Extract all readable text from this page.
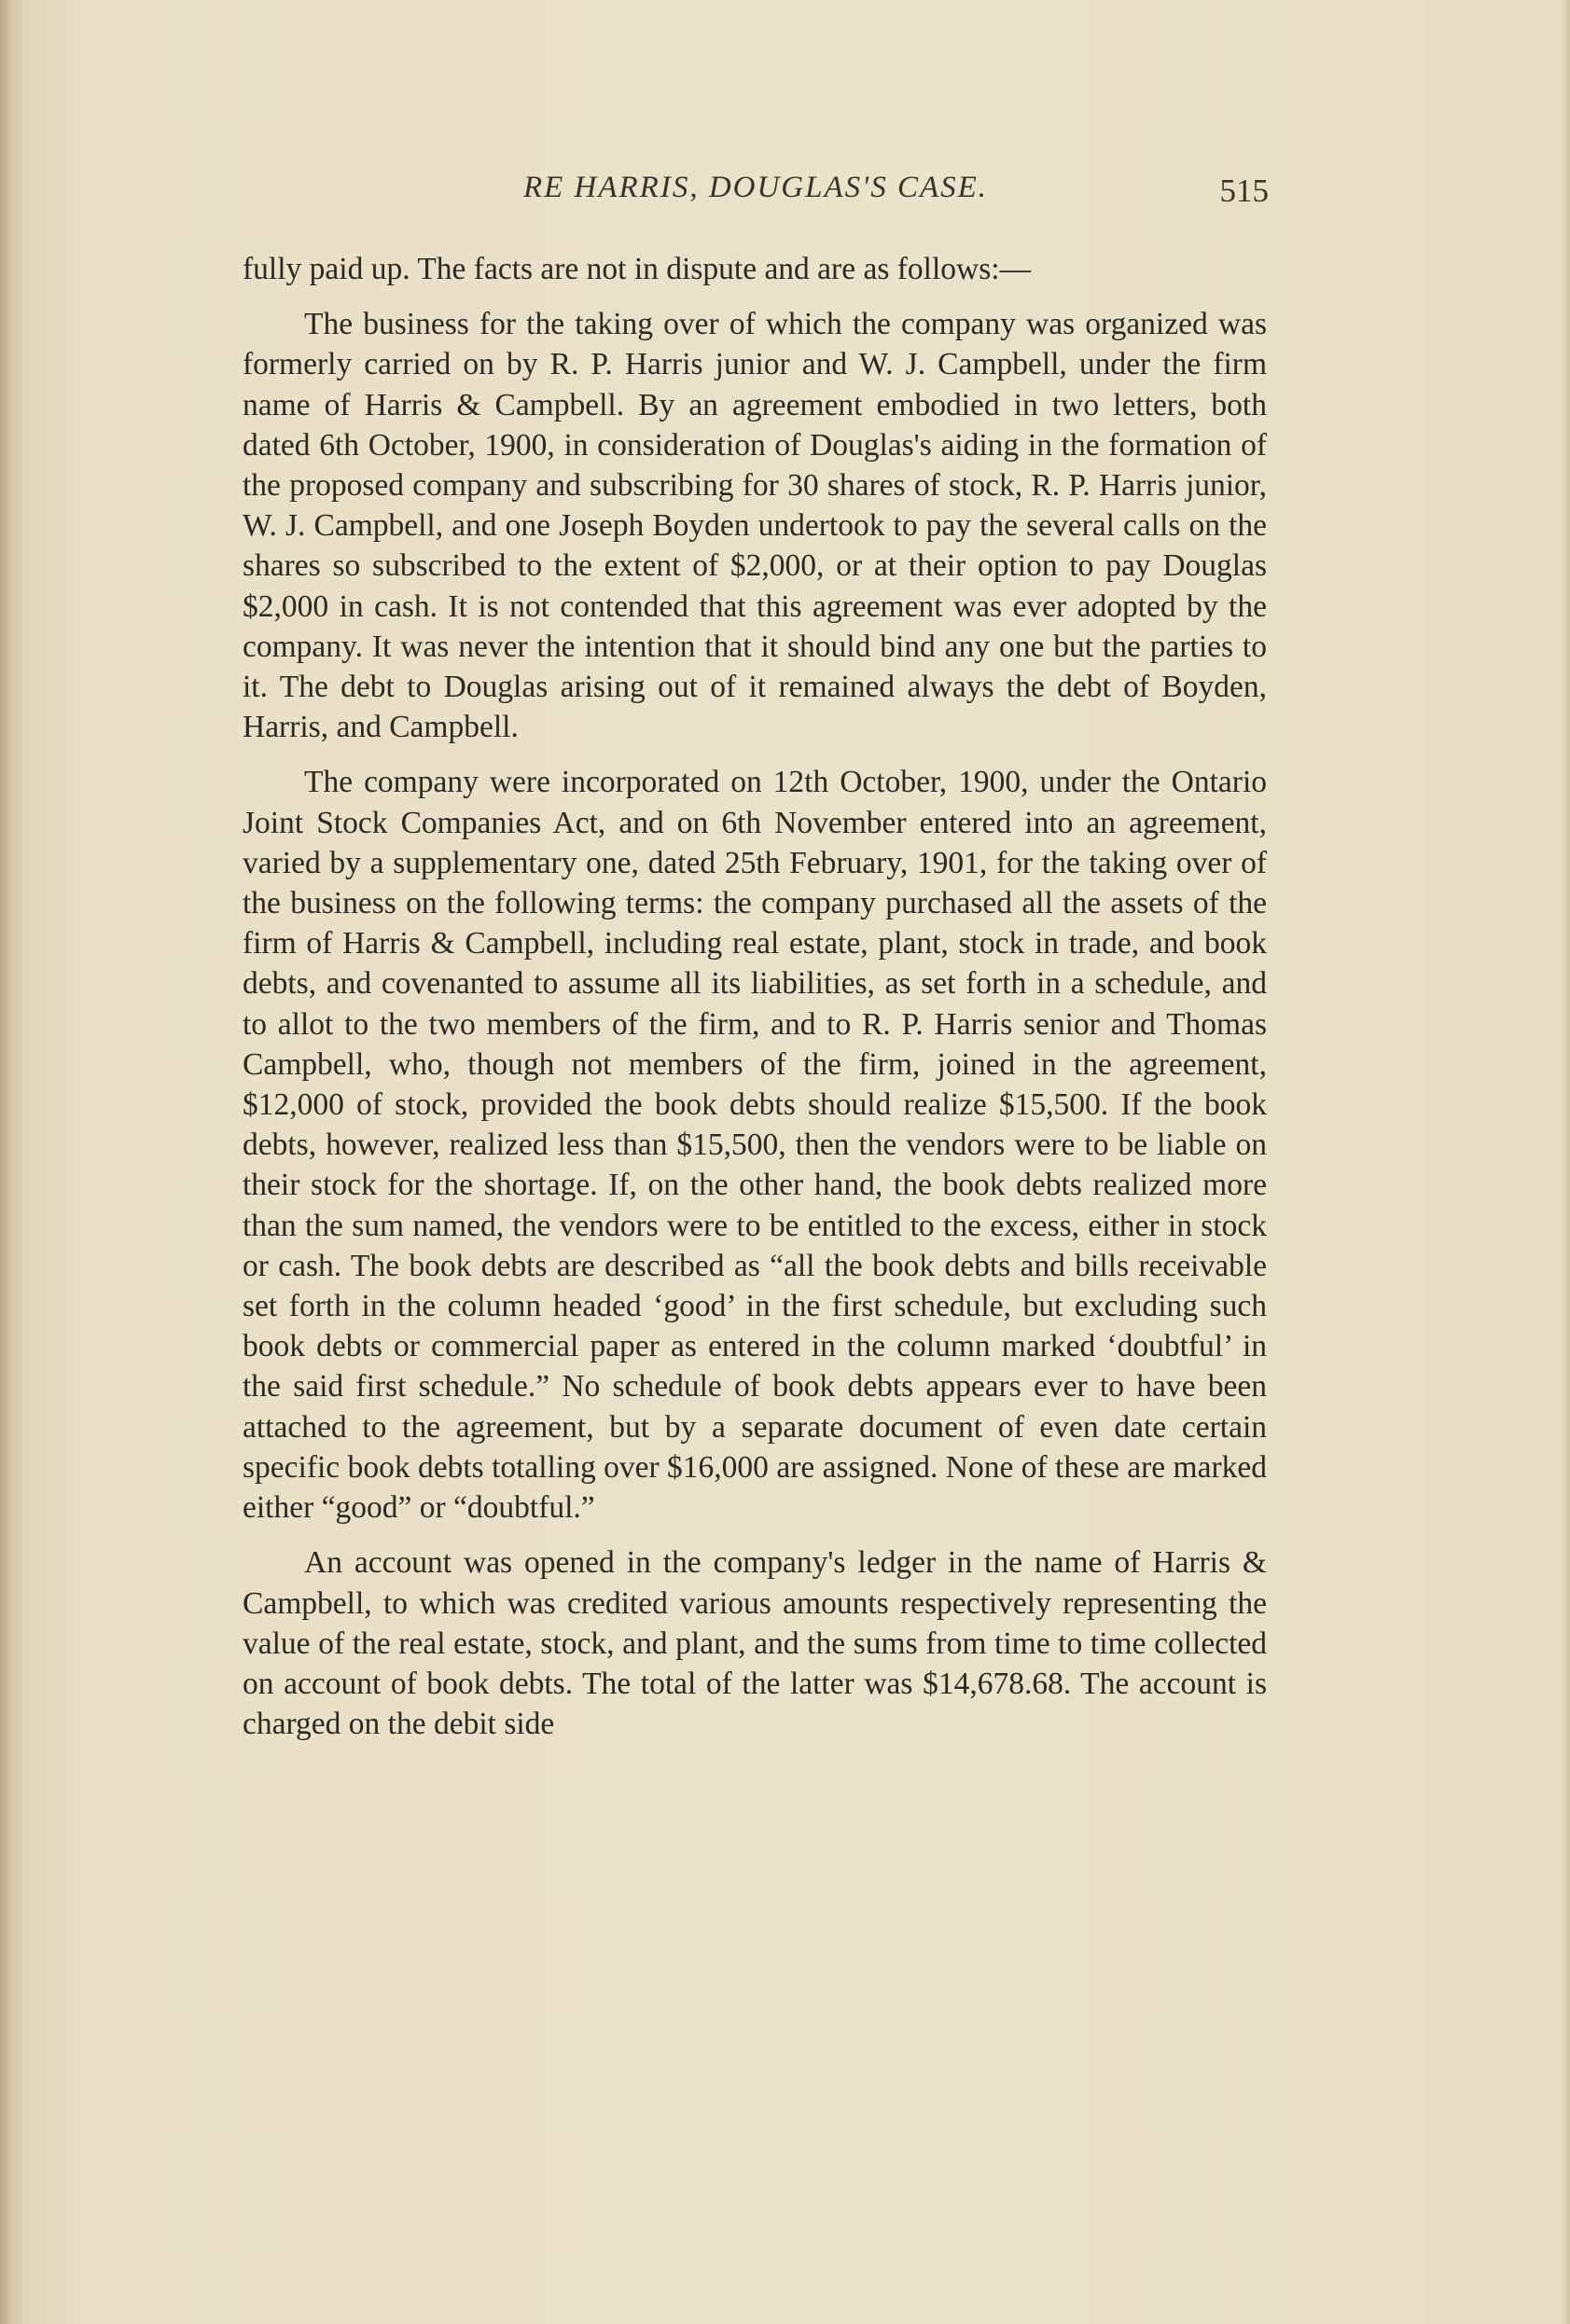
RE HARRIS, DOUGLAS'S CASE.	515

fully paid up. The facts are not in dispute and are as follows:—

The business for the taking over of which the company was organized was formerly carried on by R. P. Harris junior and W. J. Campbell, under the firm name of Harris & Campbell. By an agreement embodied in two letters, both dated 6th October, 1900, in consideration of Douglas's aiding in the formation of the proposed company and subscribing for 30 shares of stock, R. P. Harris junior, W. J. Campbell, and one Joseph Boyden undertook to pay the several calls on the shares so subscribed to the extent of $2,000, or at their option to pay Douglas $2,000 in cash. It is not contended that this agreement was ever adopted by the company. It was never the intention that it should bind any one but the parties to it. The debt to Douglas arising out of it remained always the debt of Boyden, Harris, and Campbell.

The company were incorporated on 12th October, 1900, under the Ontario Joint Stock Companies Act, and on 6th November entered into an agreement, varied by a supplementary one, dated 25th February, 1901, for the taking over of the business on the following terms: the company purchased all the assets of the firm of Harris & Campbell, including real estate, plant, stock in trade, and book debts, and covenanted to assume all its liabilities, as set forth in a schedule, and to allot to the two members of the firm, and to R. P. Harris senior and Thomas Campbell, who, though not members of the firm, joined in the agreement, $12,000 of stock, provided the book debts should realize $15,500. If the book debts, however, realized less than $15,500, then the vendors were to be liable on their stock for the shortage. If, on the other hand, the book debts realized more than the sum named, the vendors were to be entitled to the excess, either in stock or cash. The book debts are described as “all the book debts and bills receivable set forth in the column headed ‘good’ in the first schedule, but excluding such book debts or commercial paper as entered in the column marked ‘doubtful’ in the said first schedule.” No schedule of book debts appears ever to have been attached to the agreement, but by a separate document of even date certain specific book debts totalling over $16,000 are assigned. None of these are marked either “good” or “doubtful.”

An account was opened in the company's ledger in the name of Harris & Campbell, to which was credited various amounts respectively representing the value of the real estate, stock, and plant, and the sums from time to time collected on account of book debts. The total of the latter was $14,678.68. The account is charged on the debit side
